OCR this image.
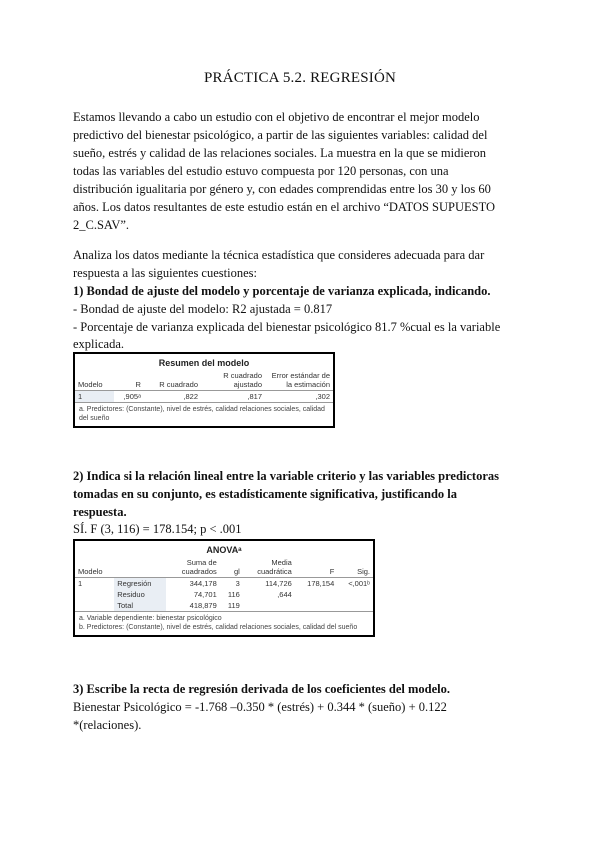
PRÁCTICA 5.2. REGRESIÓN
Estamos llevando a cabo un estudio con el objetivo de encontrar el mejor modelo
predictivo del bienestar psicológico, a partir de las siguientes variables: calidad del
sueño, estrés y calidad de las relaciones sociales. La muestra en la que se midieron
todas las variables del estudio estuvo compuesta por 120 personas, con una
distribución igualitaria por género y, con edades comprendidas entre los 30 y los 60
años. Los datos resultantes de este estudio están en el archivo “DATOS SUPUESTO
2_C.SAV”.
Analiza los datos mediante la técnica estadística que consideres adecuada para dar
respuesta a las siguientes cuestiones:
1) Bondad de ajuste del modelo y porcentaje de varianza explicada, indicando.
- Bondad de ajuste del modelo: R2 ajustada = 0.817
- Porcentaje de varianza explicada del bienestar psicológico 81.7 %cual es la variable
explicada.
Resumen del modelo
Modelo	R	R cuadrado	R cuadrado ajustado	Error estándar de la estimación
1	,905ᵃ	,822	,817	,302
a. Predictores: (Constante), nivel de estrés, calidad relaciones sociales, calidad del sueño
2) Indica si la relación lineal entre la variable criterio y las variables predictoras
tomadas en su conjunto, es estadísticamente significativa, justificando la
respuesta.
SÍ. F (3, 116) = 178.154; p < .001
ANOVAᵃ
Modelo		Suma de cuadrados	gl	Media cuadrática	F	Sig.
1	Regresión	344,178	3	114,726	178,154	<,001ᵇ
	Residuo	74,701	116	,644		
	Total	418,879	119			
a. Variable dependiente: bienestar psicológico
b. Predictores: (Constante), nivel de estrés, calidad relaciones sociales, calidad del sueño
3) Escribe la recta de regresión derivada de los coeficientes del modelo.
Bienestar Psicológico = -1.768 –0.350 * (estrés) + 0.344 * (sueño) + 0.122
*(relaciones).
